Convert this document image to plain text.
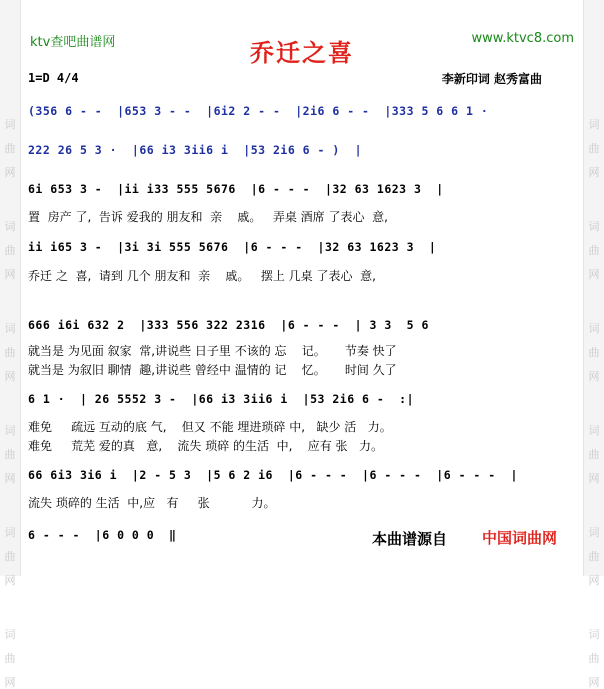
词
曲
网
词
曲
网
词
曲
网
词
曲
网
词
曲
网
词
曲
网
词
曲
网
词
曲
网
词
曲
网
词
曲
网
词
曲
网
词
曲
网
ktv查吧曲谱网	www.ktvc8.com
乔迁之喜
1=D 4/4	李新印词 赵秀富曲
(356 6 - -  |653 3 - -  |6i2 2 - -  |2i6 6 - -  |333 5 6 6 1 ·
222 26 5 3 ·  |66 i3 3ii6 i  |53 2i6 6 - )  |
6i 653 3 -  |ii i33 555 5676  |6 - - -  |32 63 1623 3  |
置  房产 了,  告诉 爱我的 朋友和  亲    戚。   弄桌 酒席 了表心  意,
ii i65 3 -  |3i 3i 555 5676  |6 - - -  |32 63 1623 3  |
乔迁 之  喜,  请到 几个 朋友和  亲    戚。   摆上 几桌 了表心  意,
666 i6i 632 2  |333 556 322 2316  |6 - - -  | 3 3  5 6
就当是 为见面 叙家  常,讲说些 日子里 不该的 忘    记。     节奏 快了
就当是 为叙旧 聊情  趣,讲说些 曾经中 温情的 记    忆。     时间 久了
6 1 ·  | 26 5552 3 -  |66 i3 3ii6 i  |53 2i6 6 -  :|
难免     疏远 互动的底 气,    但又 不能 埋进琐碎 中,   缺少 活   力。
难免     荒芜 爱的真   意,    流失 琐碎 的生活  中,    应有 张   力。
66 6i3 3i6 i  |2 - 5 3  |5 6 2 i6  |6 - - -  |6 - - -  |6 - - -  |
流失 琐碎的 生活  中,应   有     张           力。
6 - - -  |6 0 0 0  ‖	本曲谱源自 中国词曲网
